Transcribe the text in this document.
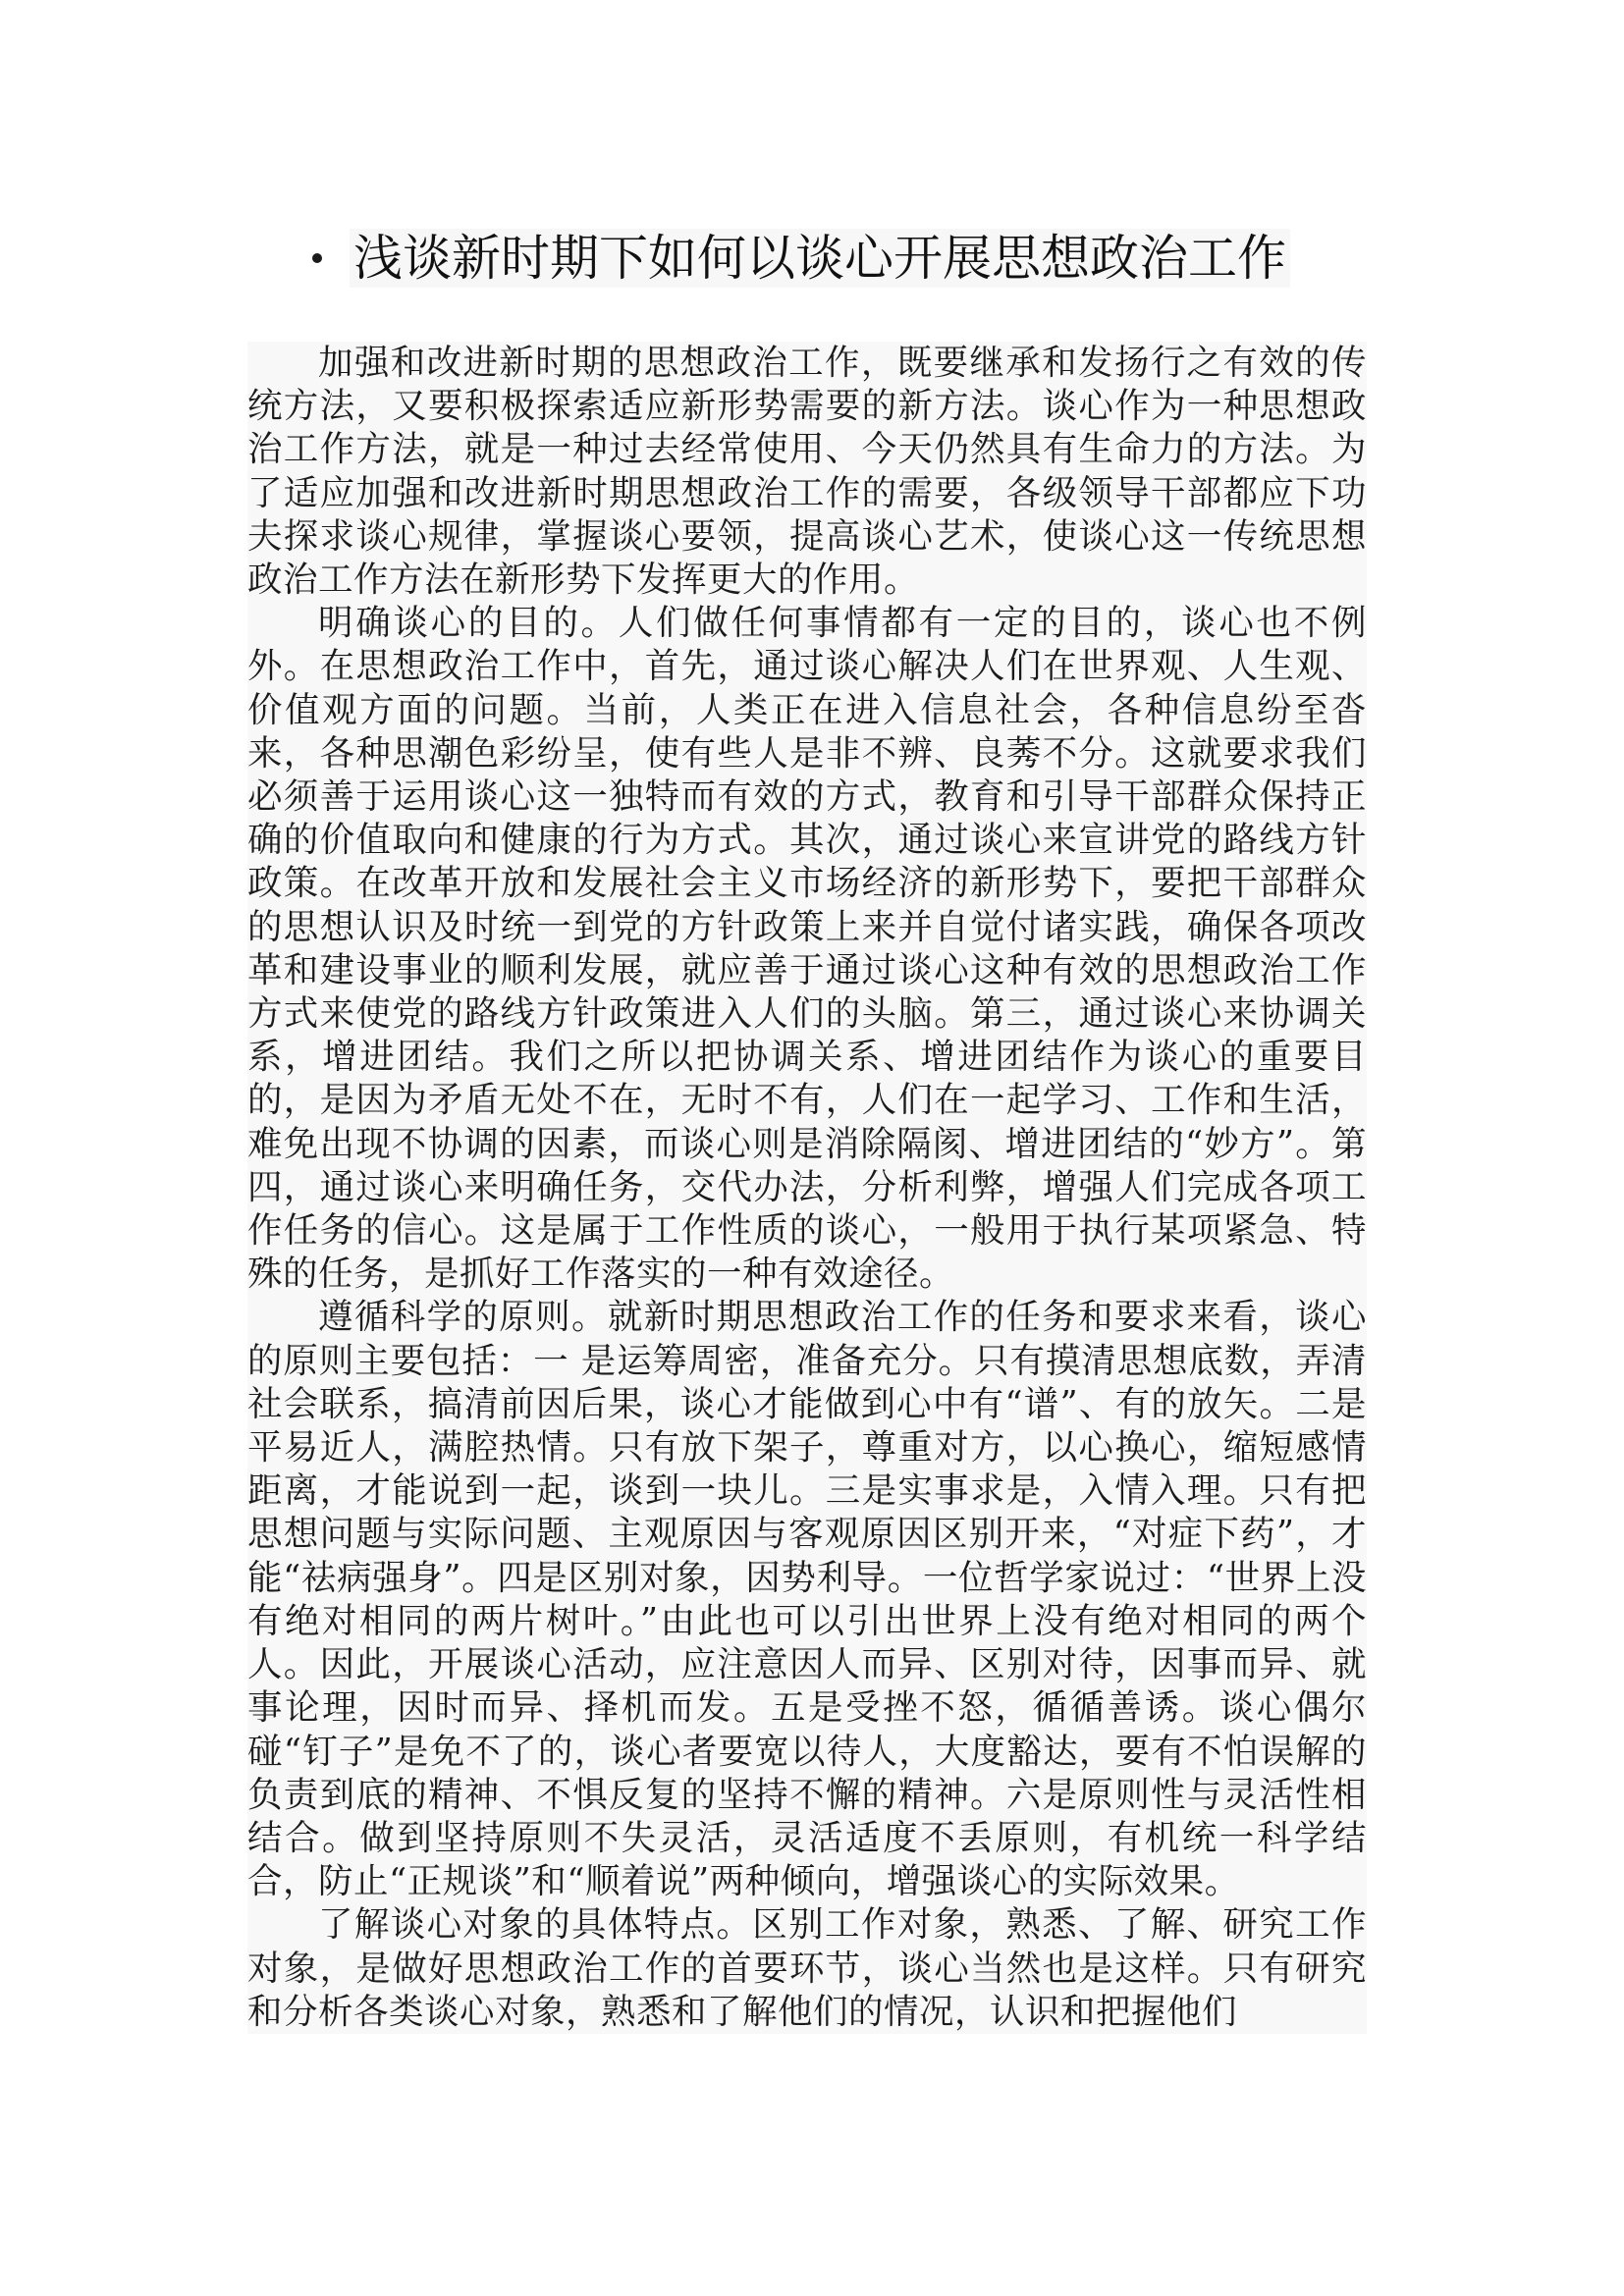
浅谈新时期下如何以谈心开展思想政治工作

加强和改进新时期的思想政治工作，既要继承和发扬行之有效的传统方法，又要积极探索适应新形势需要的新方法。谈心作为一种思想政治工作方法，就是一种过去经常使用、今天仍然具有生命力的方法。为了适应加强和改进新时期思想政治工作的需要，各级领导干部都应下功夫探求谈心规律，掌握谈心要领，提高谈心艺术，使谈心这一传统思想政治工作方法在新形势下发挥更大的作用。

明确谈心的目的。人们做任何事情都有一定的目的，谈心也不例外。在思想政治工作中，首先，通过谈心解决人们在世界观、人生观、价值观方面的问题。当前，人类正在进入信息社会，各种信息纷至沓来，各种思潮色彩纷呈，使有些人是非不辨、良莠不分。这就要求我们必须善于运用谈心这一独特而有效的方式，教育和引导干部群众保持正确的价值取向和健康的行为方式。其次，通过谈心来宣讲党的路线方针政策。在改革开放和发展社会主义市场经济的新形势下，要把干部群众的思想认识及时统一到党的方针政策上来并自觉付诸实践，确保各项改革和建设事业的顺利发展，就应善于通过谈心这种有效的思想政治工作方式来使党的路线方针政策进入人们的头脑。第三，通过谈心来协调关系，增进团结。我们之所以把协调关系、增进团结作为谈心的重要目的，是因为矛盾无处不在，无时不有，人们在一起学习、工作和生活，难免出现不协调的因素，而谈心则是消除隔阂、增进团结的“妙方”。第四，通过谈心来明确任务，交代办法，分析利弊，增强人们完成各项工作任务的信心。这是属于工作性质的谈心，一般用于执行某项紧急、特殊的任务，是抓好工作落实的一种有效途径。

遵循科学的原则。就新时期思想政治工作的任务和要求来看，谈心的原则主要包括：一 是运筹周密，准备充分。只有摸清思想底数，弄清社会联系，搞清前因后果，谈心才能做到心中有“谱”、有的放矢。二是平易近人，满腔热情。只有放下架子，尊重对方，以心换心，缩短感情距离，才能说到一起，谈到一块儿。三是实事求是，入情入理。只有把思想问题与实际问题、主观原因与客观原因区别开来，“对症下药”，才能“祛病强身”。四是区别对象，因势利导。一位哲学家说过：“世界上没有绝对相同的两片树叶。”由此也可以引出世界上没有绝对相同的两个人。因此，开展谈心活动，应注意因人而异、区别对待，因事而异、就事论理，因时而异、择机而发。五是受挫不怒，循循善诱。谈心偶尔碰“钉子”是免不了的，谈心者要宽以待人，大度豁达，要有不怕误解的负责到底的精神、不惧反复的坚持不懈的精神。六是原则性与灵活性相结合。做到坚持原则不失灵活，灵活适度不丢原则，有机统一科学结合，防止“正规谈”和“顺着说”两种倾向，增强谈心的实际效果。

了解谈心对象的具体特点。区别工作对象，熟悉、了解、研究工作对象，是做好思想政治工作的首要环节，谈心当然也是这样。只有研究和分析各类谈心对象，熟悉和了解他们的情况，认识和把握他们
